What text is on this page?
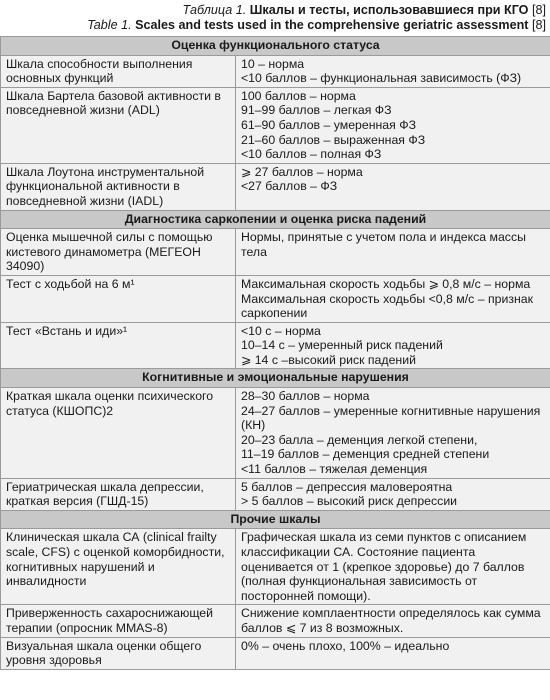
Таблица 1. Шкалы и тесты, использовавшиеся при КГО [8]
Table 1. Scales and tests used in the comprehensive geriatric assessment [8]
Оценка функционального статуса	
Шкала способности выполнения основных функций	10 – норма
<10 баллов – функциональная зависимость (ФЗ)

Шкала Бартела базовой активности в повседневной жизни (ADL)	100 баллов – норма
91–99 баллов – легкая ФЗ
61–90 баллов – умеренная ФЗ
21–60 баллов – выраженная ФЗ
<10 баллов – полная ФЗ

Шкала Лоутона инструментальной функциональной активности в повседневной жизни (IADL)	⩾ 27 баллов – норма
<27 баллов – ФЗ

Диагностика саркопении и оценка риска падений	
Оценка мышечной силы с помощью кистевого динамометра (МЕГЕОН 34090)	Нормы, принятые с учетом пола и индекса массы тела

Тест с ходьбой на 6 м¹	Максимальная скорость ходьбы ⩾ 0,8 м/с – норма
Максимальная скорость ходьбы <0,8 м/с – признак саркопении

Тест «Встань и иди»¹	<10 с – норма
10–14 с – умеренный риск падений
⩾ 14 с –высокий риск падений

Когнитивные и эмоциональные нарушения	
Краткая шкала оценки психического статуса (КШОПС)2	28–30 баллов – норма
24–27 баллов – умеренные когнитивные нарушения (КН)
20–23 балла – деменция легкой степени,
11–19 баллов – деменция средней степени
<11 баллов – тяжелая деменция

Гериатрическая шкала депрессии, краткая версия (ГШД-15)	5 баллов – депрессия маловероятна
> 5 баллов – высокий риск депрессии

Прочие шкалы	
Клиническая шкала СА (clinical frailty scale, CFS) с оценкой коморбидности, когнитивных нарушений и инвалидности	Графическая шкала из семи пунктов с описанием классификации СА. Состояние пациента оценивается от 1 (крепкое здоровье) до 7 баллов (полная функциональная зависимость от посторонней помощи).

Приверженность сахароснижающей терапии (опросник MMAS-8)	Снижение комплаентности определялось как сумма баллов ⩽ 7 из 8 возможных.

Визуальная шкала оценки общего уровня здоровья	0% – очень плохо, 100% – идеально
